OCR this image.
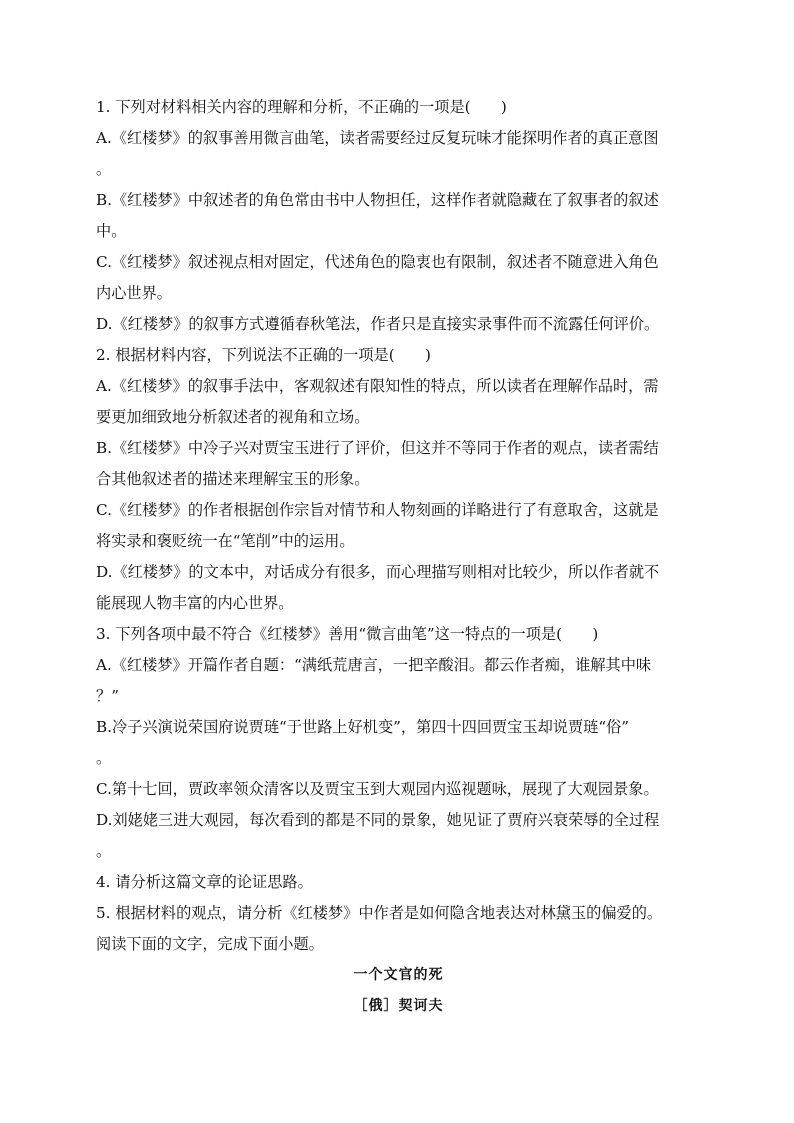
1. 下列对材料相关内容的理解和分析，不正确的一项是(　　)
A.《红楼梦》的叙事善用微言曲笔，读者需要经过反复玩味才能探明作者的真正意图
。
B.《红楼梦》中叙述者的角色常由书中人物担任，这样作者就隐藏在了叙事者的叙述
中。
C.《红楼梦》叙述视点相对固定，代述角色的隐衷也有限制，叙述者不随意进入角色
内心世界。
D.《红楼梦》的叙事方式遵循春秋笔法，作者只是直接实录事件而不流露任何评价。
2. 根据材料内容，下列说法不正确的一项是(　　)
A.《红楼梦》的叙事手法中，客观叙述有限知性的特点，所以读者在理解作品时，需
要更加细致地分析叙述者的视角和立场。
B.《红楼梦》中冷子兴对贾宝玉进行了评价，但这并不等同于作者的观点，读者需结
合其他叙述者的描述来理解宝玉的形象。
C.《红楼梦》的作者根据创作宗旨对情节和人物刻画的详略进行了有意取舍，这就是
将实录和褒贬统一在“笔削”中的运用。
D.《红楼梦》的文本中，对话成分有很多，而心理描写则相对比较少，所以作者就不
能展现人物丰富的内心世界。
3. 下列各项中最不符合《红楼梦》善用“微言曲笔”这一特点的一项是(　　)
A.《红楼梦》开篇作者自题：“满纸荒唐言，一把辛酸泪。都云作者痴，谁解其中味
？”
B.冷子兴演说荣国府说贾琏“于世路上好机变”，第四十四回贾宝玉却说贾琏“俗”
。
C.第十七回，贾政率领众清客以及贾宝玉到大观园内巡视题咏，展现了大观园景象。
D.刘姥姥三进大观园，每次看到的都是不同的景象，她见证了贾府兴衰荣辱的全过程
。
4. 请分析这篇文章的论证思路。
5. 根据材料的观点，请分析《红楼梦》中作者是如何隐含地表达对林黛玉的偏爱的。
阅读下面的文字，完成下面小题。
一个文官的死
［俄］契诃夫
